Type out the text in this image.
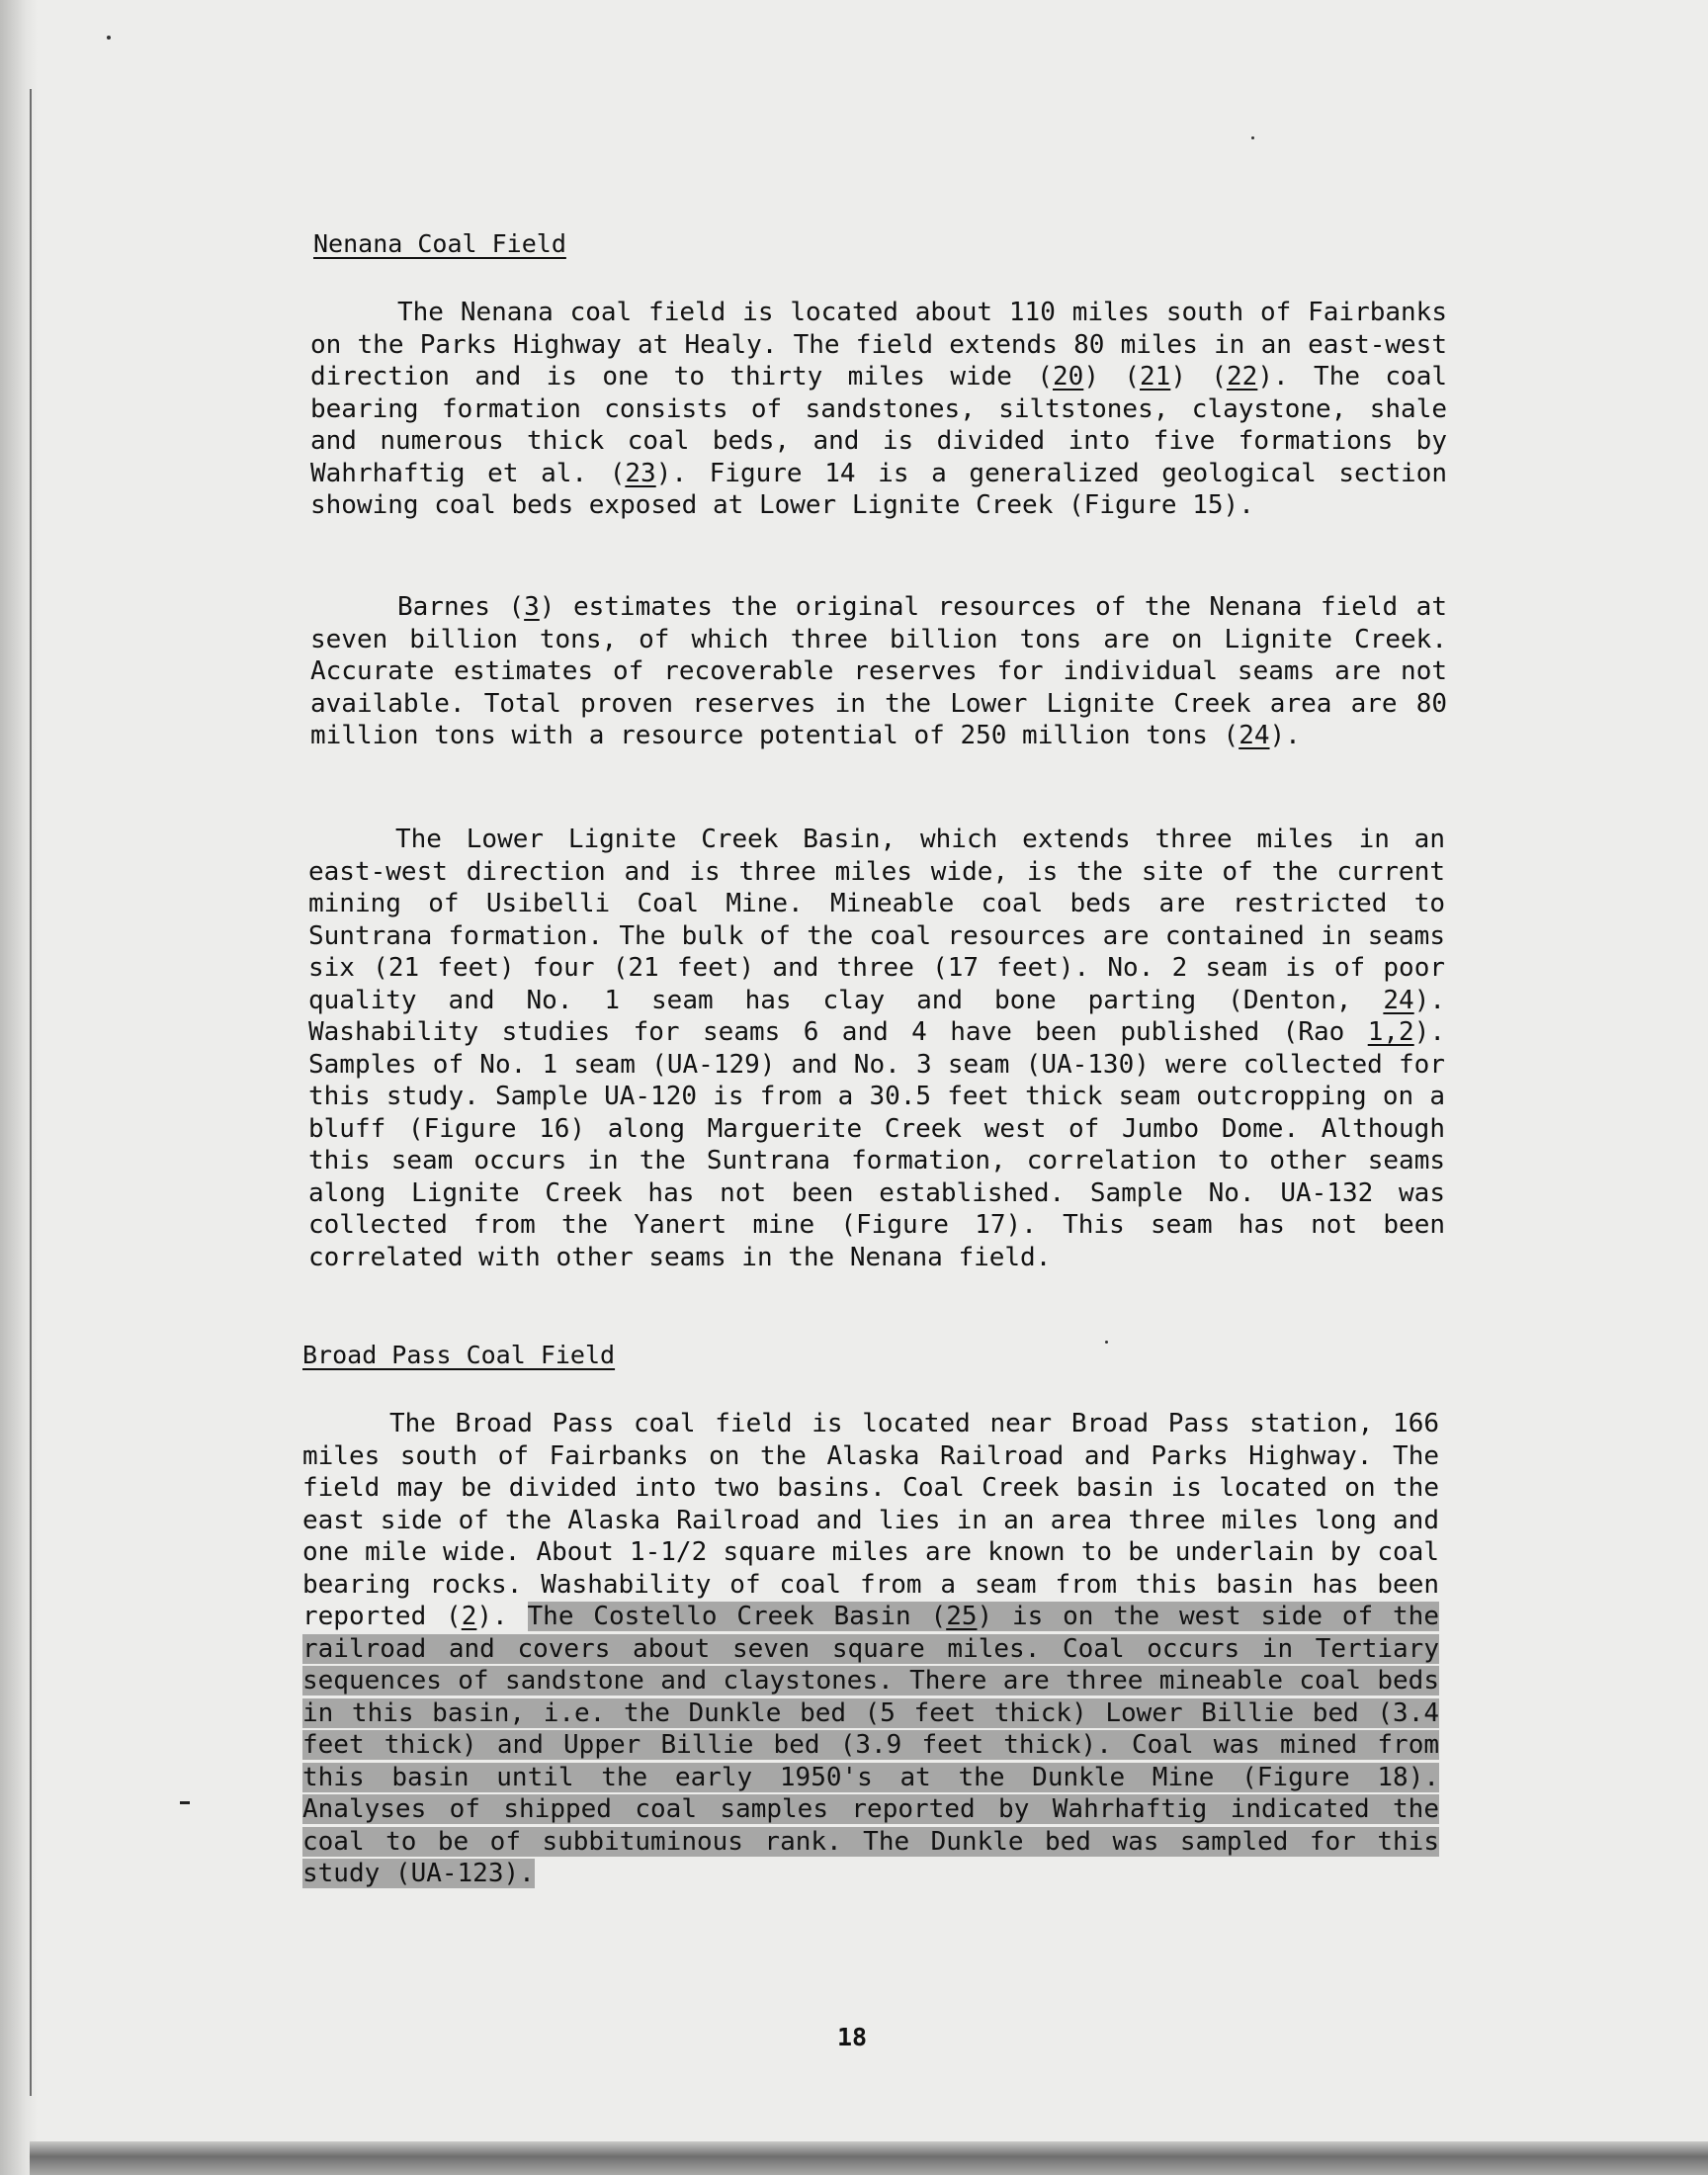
Nenana Coal Field

The Nenana coal field is located about 110 miles south of Fairbanks on the Parks Highway at Healy. The field extends 80 miles in an east-west direction and is one to thirty miles wide (20) (21) (22). The coal bearing formation consists of sandstones, siltstones, claystone, shale and numerous thick coal beds, and is divided into five formations by Wahrhaftig et al. (23). Figure 14 is a generalized geological section showing coal beds exposed at Lower Lignite Creek (Figure 15).

Barnes (3) estimates the original resources of the Nenana field at seven billion tons, of which three billion tons are on Lignite Creek. Accurate estimates of recoverable reserves for individual seams are not available. Total proven reserves in the Lower Lignite Creek area are 80 million tons with a resource potential of 250 million tons (24).

The Lower Lignite Creek Basin, which extends three miles in an east-west direction and is three miles wide, is the site of the current mining of Usibelli Coal Mine. Mineable coal beds are restricted to Suntrana formation. The bulk of the coal resources are contained in seams six (21 feet) four (21 feet) and three (17 feet). No. 2 seam is of poor quality and No. 1 seam has clay and bone parting (Denton, 24). Washability studies for seams 6 and 4 have been published (Rao 1,2). Samples of No. 1 seam (UA-129) and No. 3 seam (UA-130) were collected for this study. Sample UA-120 is from a 30.5 feet thick seam outcropping on a bluff (Figure 16) along Marguerite Creek west of Jumbo Dome. Although this seam occurs in the Suntrana formation, correlation to other seams along Lignite Creek has not been established. Sample No. UA-132 was collected from the Yanert mine (Figure 17). This seam has not been correlated with other seams in the Nenana field.

Broad Pass Coal Field

The Broad Pass coal field is located near Broad Pass station, 166 miles south of Fairbanks on the Alaska Railroad and Parks Highway. The field may be divided into two basins. Coal Creek basin is located on the east side of the Alaska Railroad and lies in an area three miles long and one mile wide. About 1-1/2 square miles are known to be underlain by coal bearing rocks. Washability of coal from a seam from this basin has been reported (2). The Costello Creek Basin (25) is on the west side of the railroad and covers about seven square miles. Coal occurs in Tertiary sequences of sandstone and claystones. There are three mineable coal beds in this basin, i.e. the Dunkle bed (5 feet thick) Lower Billie bed (3.4 feet thick) and Upper Billie bed (3.9 feet thick). Coal was mined from this basin until the early 1950's at the Dunkle Mine (Figure 18). Analyses of shipped coal samples reported by Wahrhaftig indicated the coal to be of subbituminous rank. The Dunkle bed was sampled for this study (UA-123).

18
